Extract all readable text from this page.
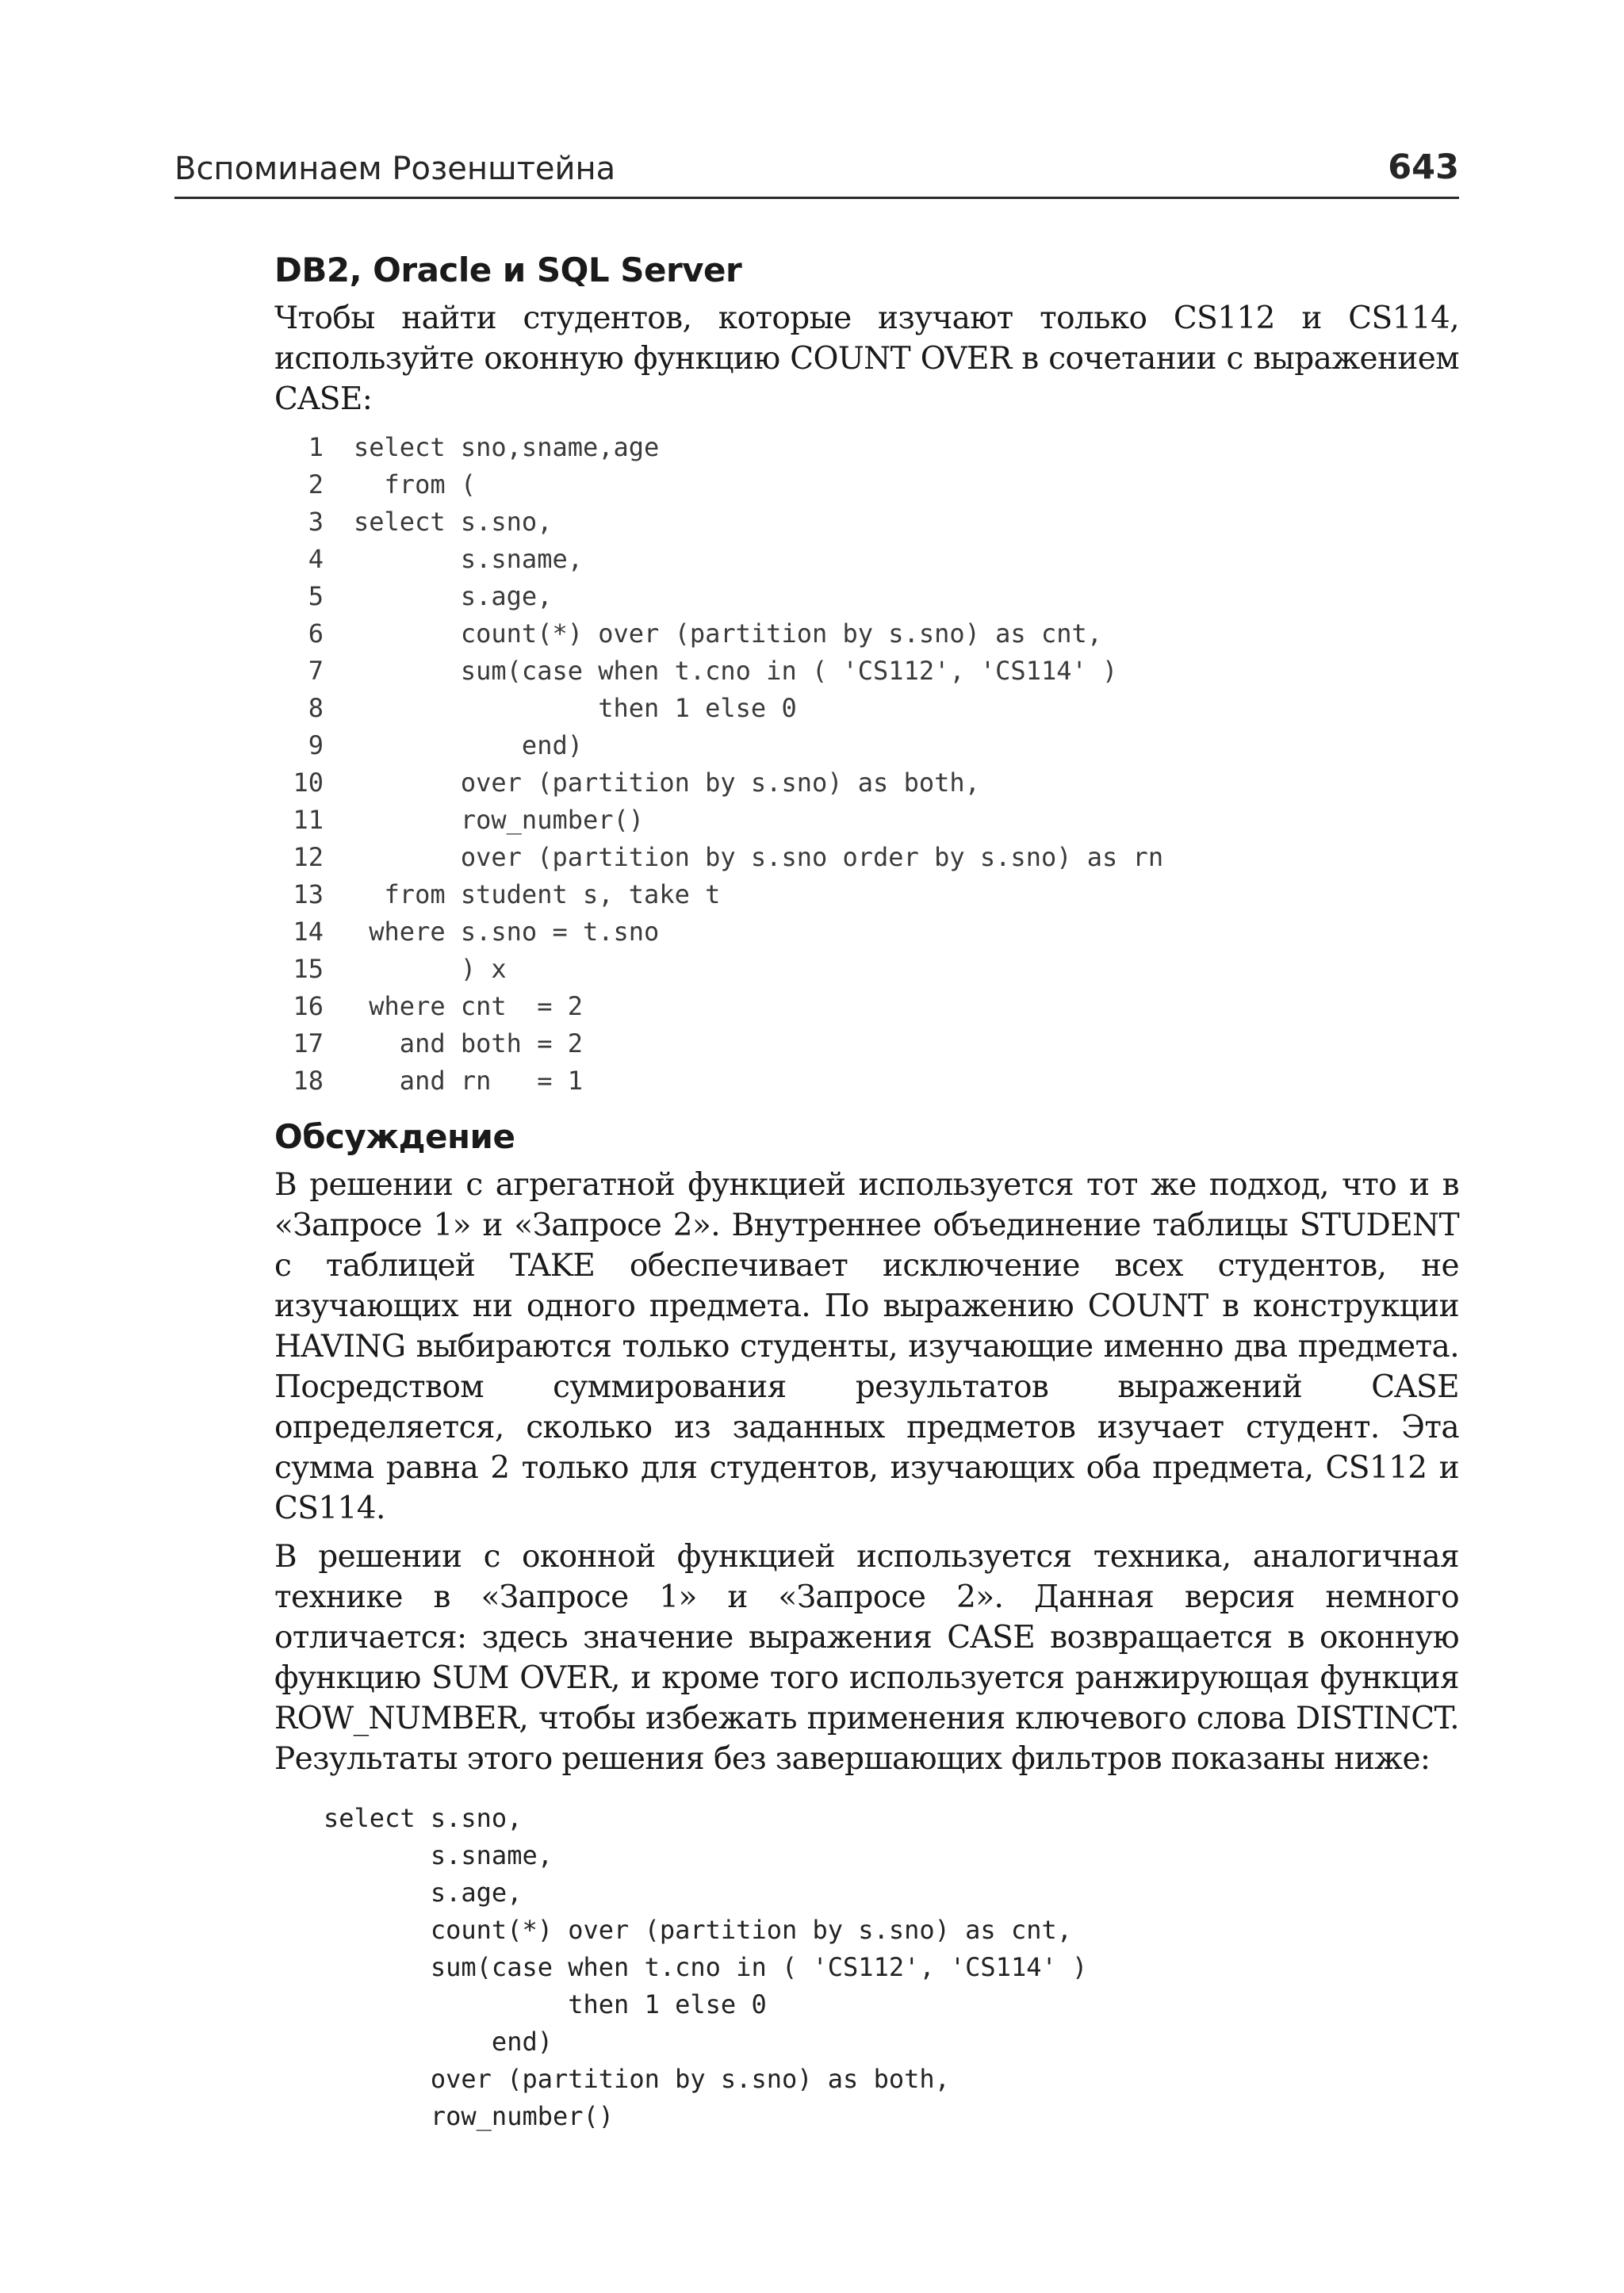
Вспоминаем Розенштейна	643
DB2, Oracle и SQL Server

Чтобы найти студентов, которые изучают только CS112 и CS114, используйте оконную функцию COUNT OVER в сочетании с выражением CASE:

1	select sno,sname,age
2	from (
3	select s.sno,
4	s.sname,
5	s.age,
6	count(*) over (partition by s.sno) as cnt,
7	sum(case when t.cno in ( 'CS112', 'CS114' )
8	then 1 else 0
9	end)
10	over (partition by s.sno) as both,
11	row_number()
12	over (partition by s.sno order by s.sno) as rn
13	from student s, take t
14	where s.sno = t.sno
15	) x
16	where cnt  = 2
17	and both = 2
18	and rn   = 1
Обсуждение

В решении с агрегатной функцией используется тот же подход, что и в «Запросе 1» и «Запросе 2». Внутреннее объединение таблицы STUDENT с таблицей TAKE обеспечивает исключение всех студентов, не изучающих ни одного предмета. По выражению COUNT в конструкции HAVING выбираются только студенты, изучающие именно два предмета. Посредством суммирования результатов выражений CASE определяется, сколько из заданных предметов изучает студент. Эта сумма равна 2 только для студентов, изучающих оба предмета, CS112 и CS114.

В решении с оконной функцией используется техника, аналогичная технике в «Запросе 1» и «Запросе 2». Данная версия немного отличается: здесь значение выражения CASE возвращается в оконную функцию SUM OVER, и кроме того используется ранжирующая функция ROW_NUMBER, чтобы избежать применения ключевого слова DISTINCT. Результаты этого решения без завершающих фильтров показаны ниже:

select s.sno,
s.sname,
s.age,
count(*) over (partition by s.sno) as cnt,
sum(case when t.cno in ( 'CS112', 'CS114' )
then 1 else 0
end)
over (partition by s.sno) as both,
row_number()
